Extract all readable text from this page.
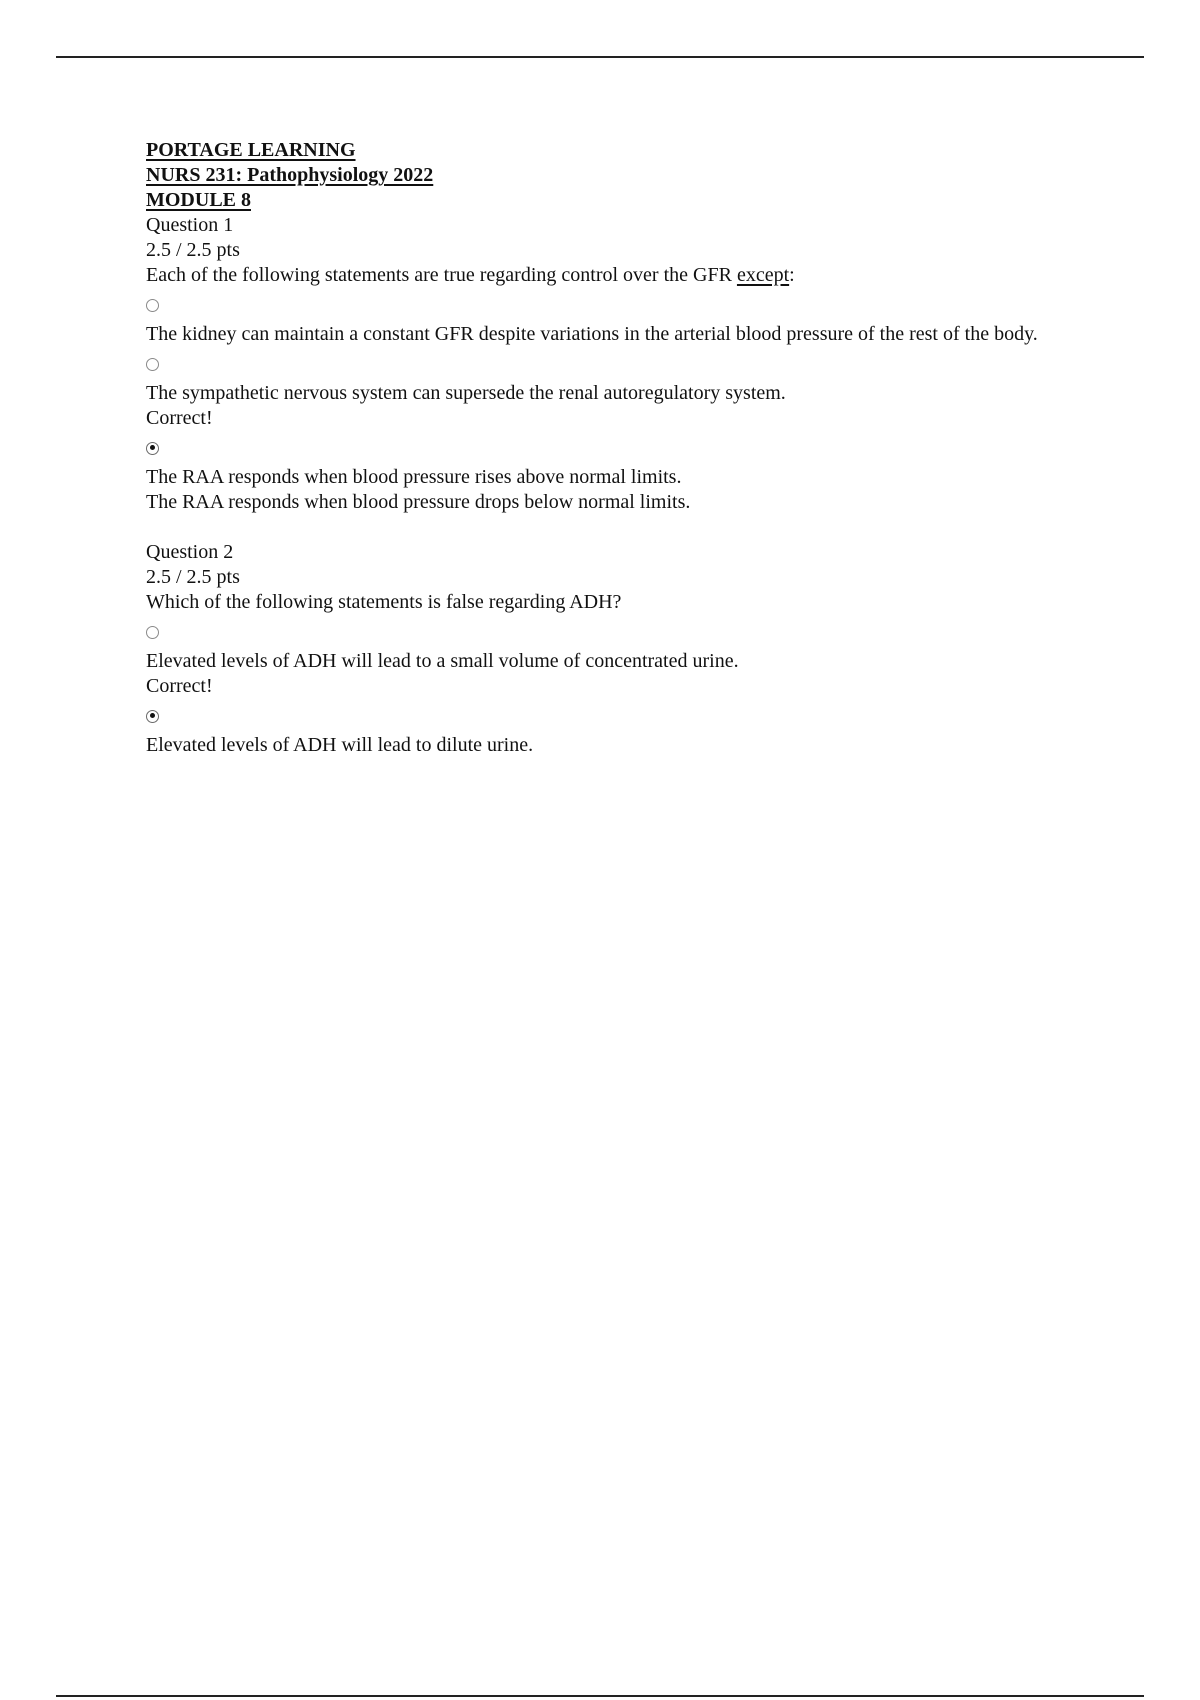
PORTAGE LEARNING
NURS 231: Pathophysiology 2022
MODULE 8
Question 1
2.5 / 2.5 pts
Each of the following statements are true regarding control over the GFR except:
The kidney can maintain a constant GFR despite variations in the arterial blood pressure of the rest of the body.
The sympathetic nervous system can supersede the renal autoregulatory system.
Correct!
The RAA responds when blood pressure rises above normal limits.
The RAA responds when blood pressure drops below normal limits.
Question 2
2.5 / 2.5 pts
Which of the following statements is false regarding ADH?
Elevated levels of ADH will lead to a small volume of concentrated urine.
Correct!
Elevated levels of ADH will lead to dilute urine.
